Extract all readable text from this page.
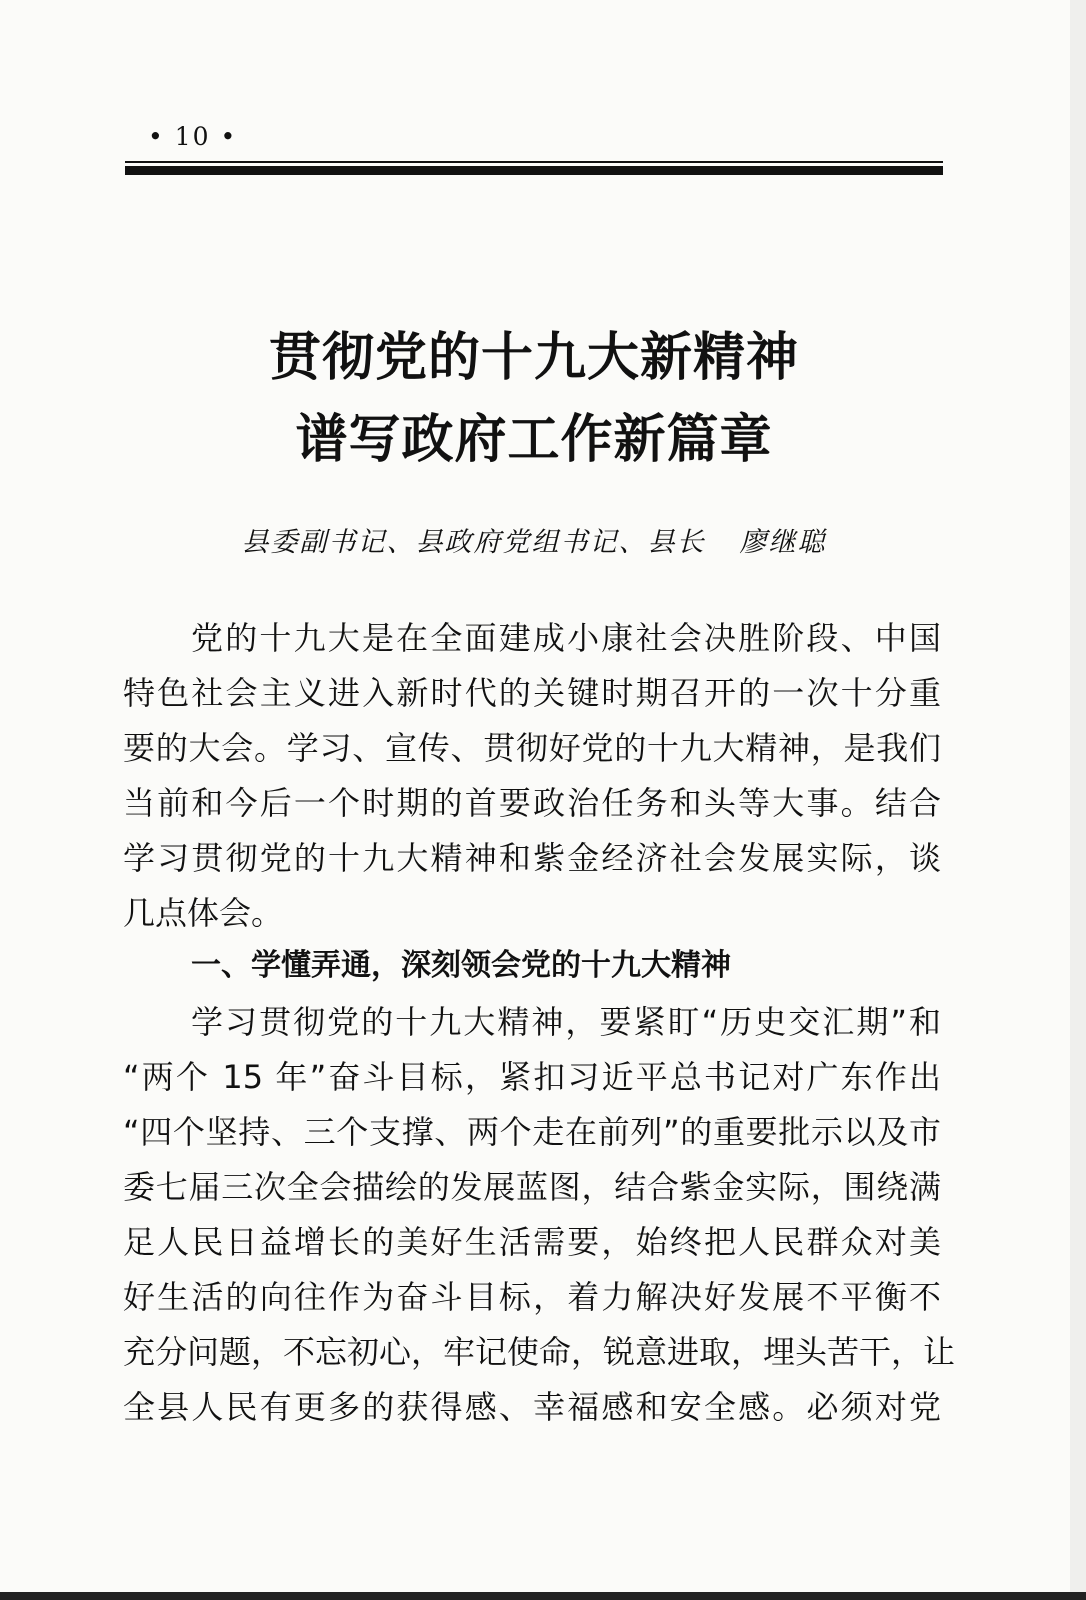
• 10 •
贯彻党的十九大新精神
谱写政府工作新篇章
县委副书记、县政府党组书记、县长 廖继聪
党的十九大是在全面建成小康社会决胜阶段、中国
特色社会主义进入新时代的关键时期召开的一次十分重
要的大会。学习、宣传、贯彻好党的十九大精神，是我们
当前和今后一个时期的首要政治任务和头等大事。结合
学习贯彻党的十九大精神和紫金经济社会发展实际，谈
几点体会。
一、学懂弄通，深刻领会党的十九大精神
学习贯彻党的十九大精神，要紧盯“历史交汇期”和
“两个 15 年”奋斗目标，紧扣习近平总书记对广东作出
“四个坚持、三个支撑、两个走在前列”的重要批示以及市
委七届三次全会描绘的发展蓝图，结合紫金实际，围绕满
足人民日益增长的美好生活需要，始终把人民群众对美
好生活的向往作为奋斗目标，着力解决好发展不平衡不
充分问题，不忘初心，牢记使命，锐意进取，埋头苦干，让
全县人民有更多的获得感、幸福感和安全感。必须对党
